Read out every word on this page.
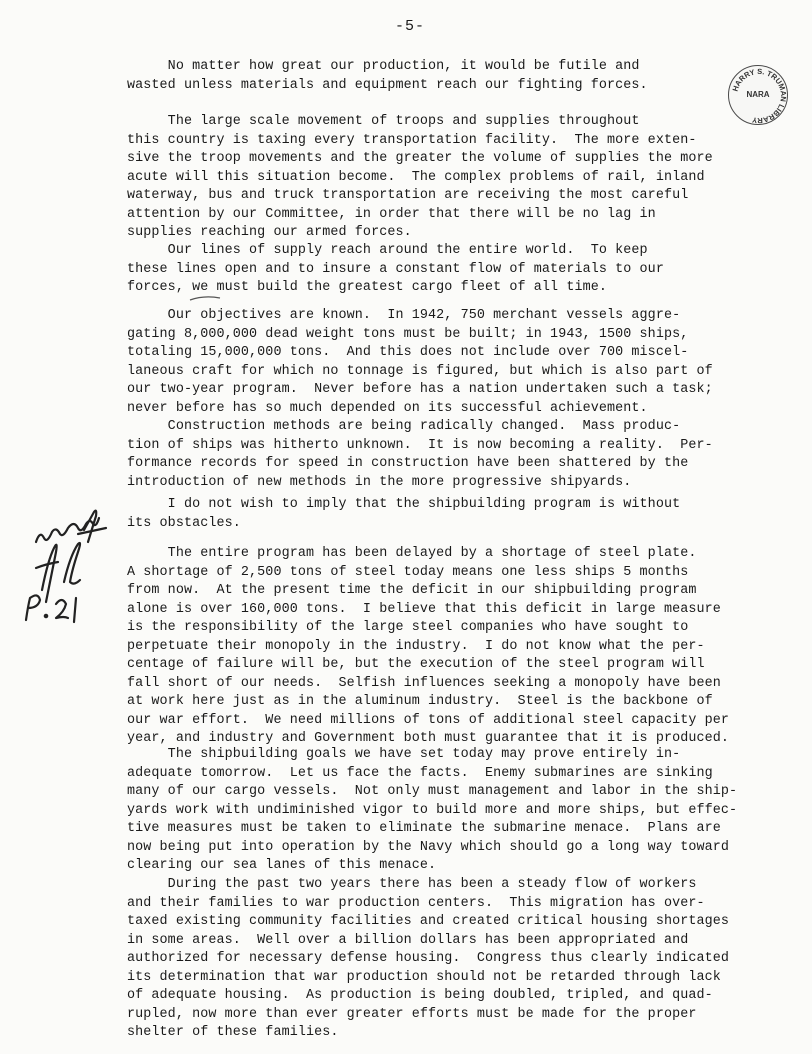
-5-
HARRY S. TRUMAN LIBRARY
NARA

No matter how great our production, it would be futile and
wasted unless materials and equipment reach our fighting forces.

The large scale movement of troops and supplies throughout
this country is taxing every transportation facility.  The more exten-
sive the troop movements and the greater the volume of supplies the more
acute will this situation become.  The complex problems of rail, inland
waterway, bus and truck transportation are receiving the most careful
attention by our Committee, in order that there will be no lag in
supplies reaching our armed forces.

Our lines of supply reach around the entire world.  To keep
these lines open and to insure a constant flow of materials to our
forces, we must build the greatest cargo fleet of all time.

Our objectives are known.  In 1942, 750 merchant vessels aggre-
gating 8,000,000 dead weight tons must be built; in 1943, 1500 ships,
totaling 15,000,000 tons.  And this does not include over 700 miscel-
laneous craft for which no tonnage is figured, but which is also part of
our two-year program.  Never before has a nation undertaken such a task;
never before has so much depended on its successful achievement.

Construction methods are being radically changed.  Mass produc-
tion of ships was hitherto unknown.  It is now becoming a reality.  Per-
formance records for speed in construction have been shattered by the
introduction of new methods in the more progressive shipyards.

I do not wish to imply that the shipbuilding program is without
its obstacles.

The entire program has been delayed by a shortage of steel plate.
A shortage of 2,500 tons of steel today means one less ships 5 months
from now.  At the present time the deficit in our shipbuilding program
alone is over 160,000 tons.  I believe that this deficit in large measure
is the responsibility of the large steel companies who have sought to
perpetuate their monopoly in the industry.  I do not know what the per-
centage of failure will be, but the execution of the steel program will
fall short of our needs.  Selfish influences seeking a monopoly have been
at work here just as in the aluminum industry.  Steel is the backbone of
our war effort.  We need millions of tons of additional steel capacity per
year, and industry and Government both must guarantee that it is produced.

The shipbuilding goals we have set today may prove entirely in-
adequate tomorrow.  Let us face the facts.  Enemy submarines are sinking
many of our cargo vessels.  Not only must management and labor in the ship-
yards work with undiminished vigor to build more and more ships, but effec-
tive measures must be taken to eliminate the submarine menace.  Plans are
now being put into operation by the Navy which should go a long way toward
clearing our sea lanes of this menace.

During the past two years there has been a steady flow of workers
and their families to war production centers.  This migration has over-
taxed existing community facilities and created critical housing shortages
in some areas.  Well over a billion dollars has been appropriated and
authorized for necessary defense housing.  Congress thus clearly indicated
its determination that war production should not be retarded through lack
of adequate housing.  As production is being doubled, tripled, and quad-
rupled, now more than ever greater efforts must be made for the proper
shelter of these families.
